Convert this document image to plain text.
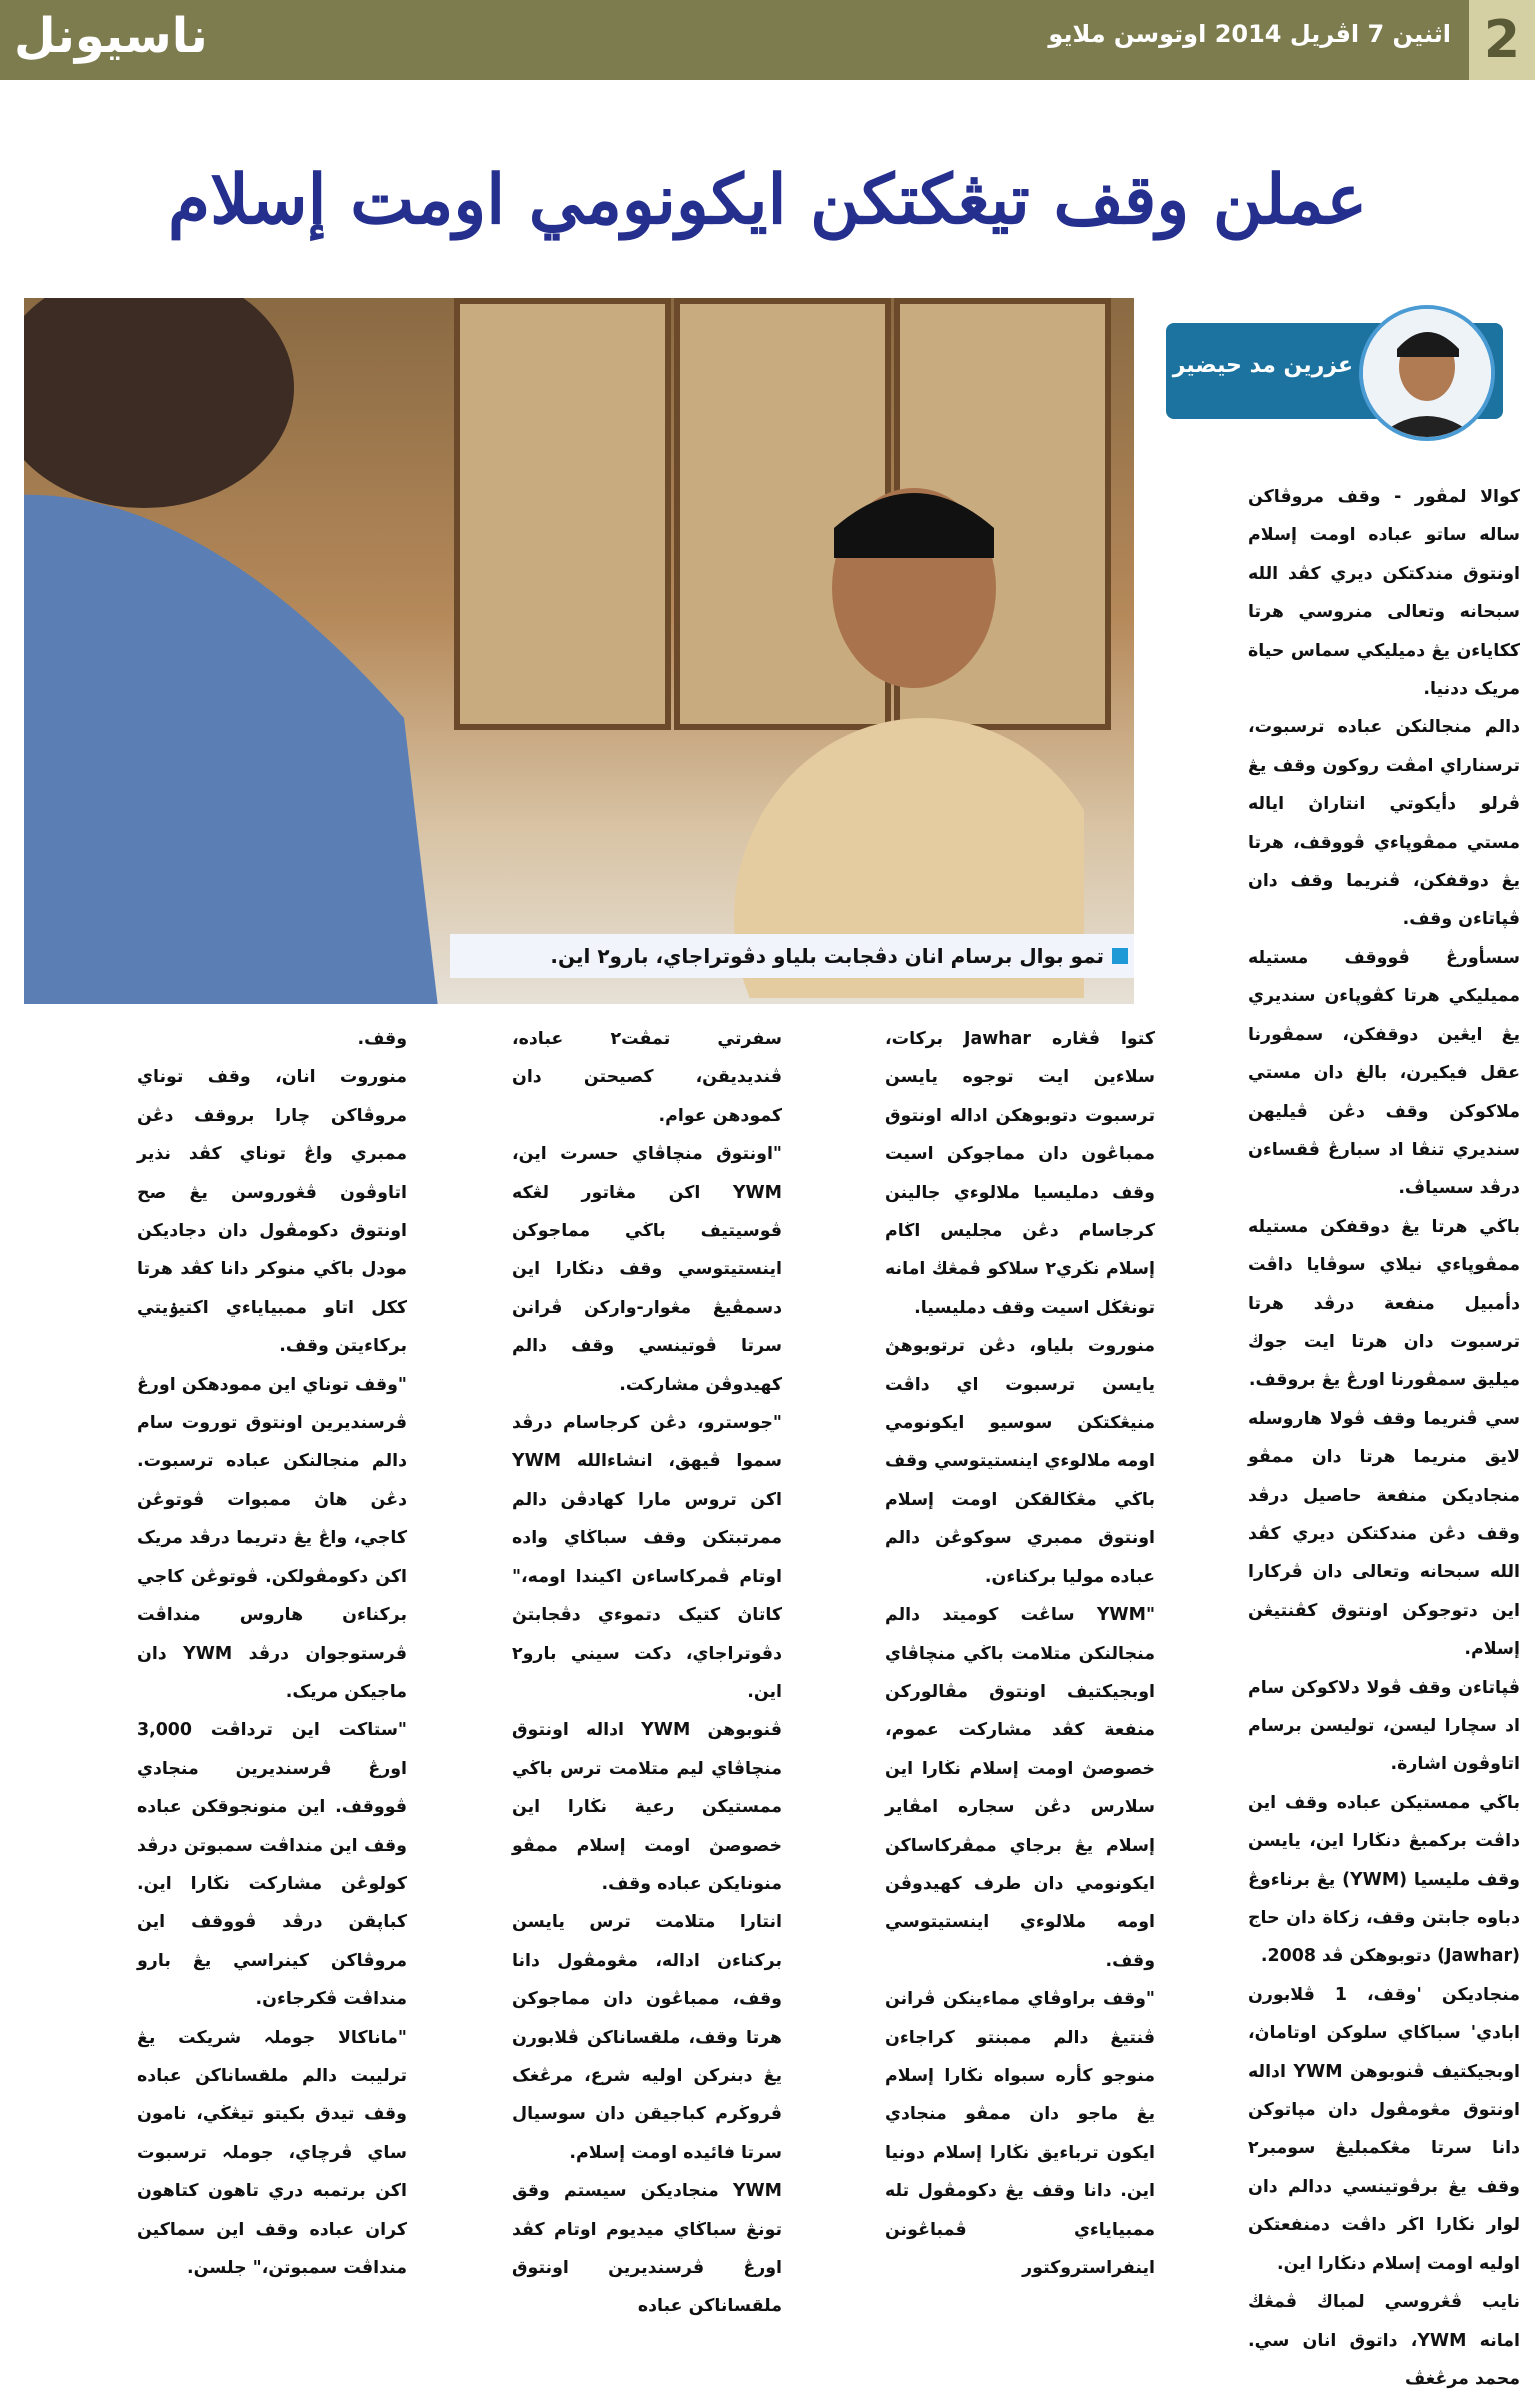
2
اثنين 7 اڤريل 2014 اوتوسن ملايو
ناسيونل
عملن وقف تيڠكتكن ايكونومي اومت إسلام
تمو بوال برسام انان دڤجابت بلياو دڤوتراجاي، بارو٢ اين.
عزرين مد حيضير

كوالا لمڤور - وقف مروڤاكن ساله ساتو عباده اومت إسلام اونتوق مندكتكن ديري كڤد الله سبحانه وتعالى منروسي هرتا ككاياءن يڠ دميليكي سماس حياة مريک ددنيا.

دالم منجالنكن عباده ترسبوت، ترسناراي امڤت روكون وقف يڠ ڤرلو دأيكوتي انتاراڽ اياله مستي ممڤوڽاءي ڤووقف، هرتا يڠ دوقفكن، ڤنريما وقف دان ڤڽاتاءن وقف.

سسأورڠ ڤووقف مستيله مميليكي هرتا كڤوڽاءن سنديري يڠ ايڠين دوقفكن، سمڤورنا عقل فيكيرن، بالغ دان مستي ملاكوكن وقف دڠن ڤيليهن سنديري تنڤا اد سبارڠ ڤقساءن درڤد سسياڤ.

باڬي هرتا يڠ دوقفكن مستيله ممڤوڽاءي نيلاي سوڤايا داڤت دأمبيل منفعة درڤد هرتا ترسبوت دان هرتا ايت جوڬ ميليق سمڤورنا اورڠ يڠ بروقف.

سي ڤنريما وقف ڤولا هاروسله لايق منريما هرتا دان ممڤو منجاديكن منفعة حاصيل درڤد وقف دڠن مندكتكن ديري كڤد الله سبحانه وتعالى دان ڤركارا اين دتوجوكن اونتوق كڤنتيڠن إسلام.

ڤڽاتاءن وقف ڤولا دلاكوكن سام اد سچارا ليسن، توليسن برسام اتاوڤون اشارة.

باڬي ممستيكن عباده وقف اين داڤت بركمبڠ دنڬارا اين، يايسن وقف مليسيا (YWM) يڠ برناءوڠ دباوه جابتن وقف، زكاة دان حاج (Jawhar) دتوبوهكن ڤد 2008.

منجاديكن 'وقف، 1 ڤلابورن ابادي' سباڬاي سلوكن اوتاماڽ، اوبجيكتيف ڤنوبوهن YWM اداله اونتوق مڠومڤول دان مڽاتوكن دانا سرتا مڠكمبليڠ سومبر٢ وقف يڠ برڤوتينسي ددالم دان لوار نڬارا اڬر داڤت دمنفعتكن اوليه اومت إسلام دنڬارا اين.

نايب ڤڠروسي لمباڬ ڤمڠڬ امانه YWM، داتوق انان سي. محمد مرڠغڤ

كتوا ڤڠاره Jawhar بركات، سلاءين ايت توجوه يايسن ترسبوت دتوبوهكن اداله اونتوق ممباڠون دان مماجوكن اسيت وقف دمليسيا ملالوءي جالينن كرجاسام دڠن مجليس اڬام إسلام نڬري٢ سلاكو ڤمڠڬ امانه تونڠڬل اسيت وقف دمليسيا.

منوروت بلياو، دڠن ترتوبوهڽ يايسن ترسبوت اي داڤت منيڠكتكن سوسيو ايكونومي اومه ملالوءي اينستيتوسي وقف باڬي مڠڬالقكن اومت إسلام اونتوق ممبري سوكوڠن دالم عباده موليا بركناءن.

"YWM ساڠت كوميتد دالم منجالنكن متلامت باڬي منچاڤاي اوبجيكتيف اونتوق مڤالوركن منفعة كڤد مشاركت عموم، خصوصڽ اومت إسلام نڬارا اين سلارس دڠن سجاره امڤاير إسلام يڠ برجاي ممڤركاساكن ايكونومي دان طرف كهيدوڤن اومه ملالوءي اينستيتوسي وقف.

"وقف براوڤاي مماءينكن ڤرانن ڤنتيڠ دالم ممبنتو كراجاءن منوجو كأره سبواه نڬارا إسلام يڠ ماجو دان ممڤو منجادي ايكون ترباءيق نڬارا إسلام دونيا اين. دانا وقف يڠ دكومڤول تله ممبياياءي ڤمباڠونن اينفراستروكتور

سفرتي تمڤت٢ عباده، ڤنديديقن، كصيحتن دان كمودهن عوام.

"اونتوق منچاڤاي حسرت اين، YWM اكن مڠاتور لڠكه ڤوسيتيف باڬي مماجوكن اينستيتوسي وقف دنڬارا اين دسمڤيڠ مڠوار-واركن ڤرانن سرتا ڤوتينسي وقف دالم كهيدوڤن مشاركت.

"جوسترو، دڠن كرجاسام درڤد سموا ڤيهق، انشاءالله YWM اكن تروس مارا كهادڤن دالم ممرتبتكن وقف سباڬاي واده اوتام ڤمركاساءن اكيندا اومه،" كاتاڽ كتيک دتموءي دڤجابتڽ دڤوتراجاي، دكت سيني بارو٢ اين.

ڤنوبوهن YWM اداله اونتوق منچاڤاي ليم متلامت ترس باڬي ممستيكن رعية نڬارا اين خصوصڽ اومت إسلام ممڤو منونايكن عباده وقف.

انتارا متلامت ترس يايسن بركناءن اداله، مڠومڤول دانا وقف، ممباڠون دان مماجوكن هرتا وقف، ملقساناكن ڤلابورن يڠ دبنركن اوليه شرع، مرڠغک ڤروڬرم كباجيقن دان سوسيال سرتا فائيده اومت إسلام.

YWM منجاديكن سيستم وقق تونڠ سباڬاي ميديوم اوتام كڤد اورڠ ڤرسنديرين اونتوق ملقساناكن عباده

وقف.

منوروت انان، وقف توناي مروڤاكن چارا بروقف دڠن ممبري واڠ توناي كڤد نذير اتاوڤون ڤڠوروسن يڠ صح اونتوق دكومڤول دان دجاديكن مودل باڬي منوكر دانا كڤد هرتا ككل اتاو ممبياياءي اكتيۏيتي بركاءيتن وقف.

"وقف توناي اين ممودهكن اورڠ ڤرسنديرين اونتوق توروت سام دالم منجالنكن عباده ترسبوت. دڠن هاڽ ممبوات ڤوتوڠن كاجي، واڠ يڠ دتريما درڤد مريک اكن دكومڤولكن. ڤوتوڠن كاجي بركناءن هاروس منداڤت ڤرستوجوان درڤد YWM دان ماجيكن مريک.

"ستاكت اين ترداڤت 3,000 اورڠ ڤرسنديرين منجادي ڤووقف. اين منونجوقكن عباده وقف اين منداڤت سمبوتن درڤد كولوڠن مشاركت نڬارا اين. كباڽقن درڤد ڤووقف اين مروڤاكن كينراسي يڠ بارو منداڤت ڤكرجاءن.

"ماناكالا جوملہ شريكت يڠ ترليبت دالم ملقساناكن عباده وقف تيدق بكيتو تيڠڬي، نامون ساي ڤرچاي، جوملہ ترسبوت اكن برتمبه دري تاهون كتاهون كران عباده وقف اين سماكين منداڤت سمبوتن،" جلسن.
